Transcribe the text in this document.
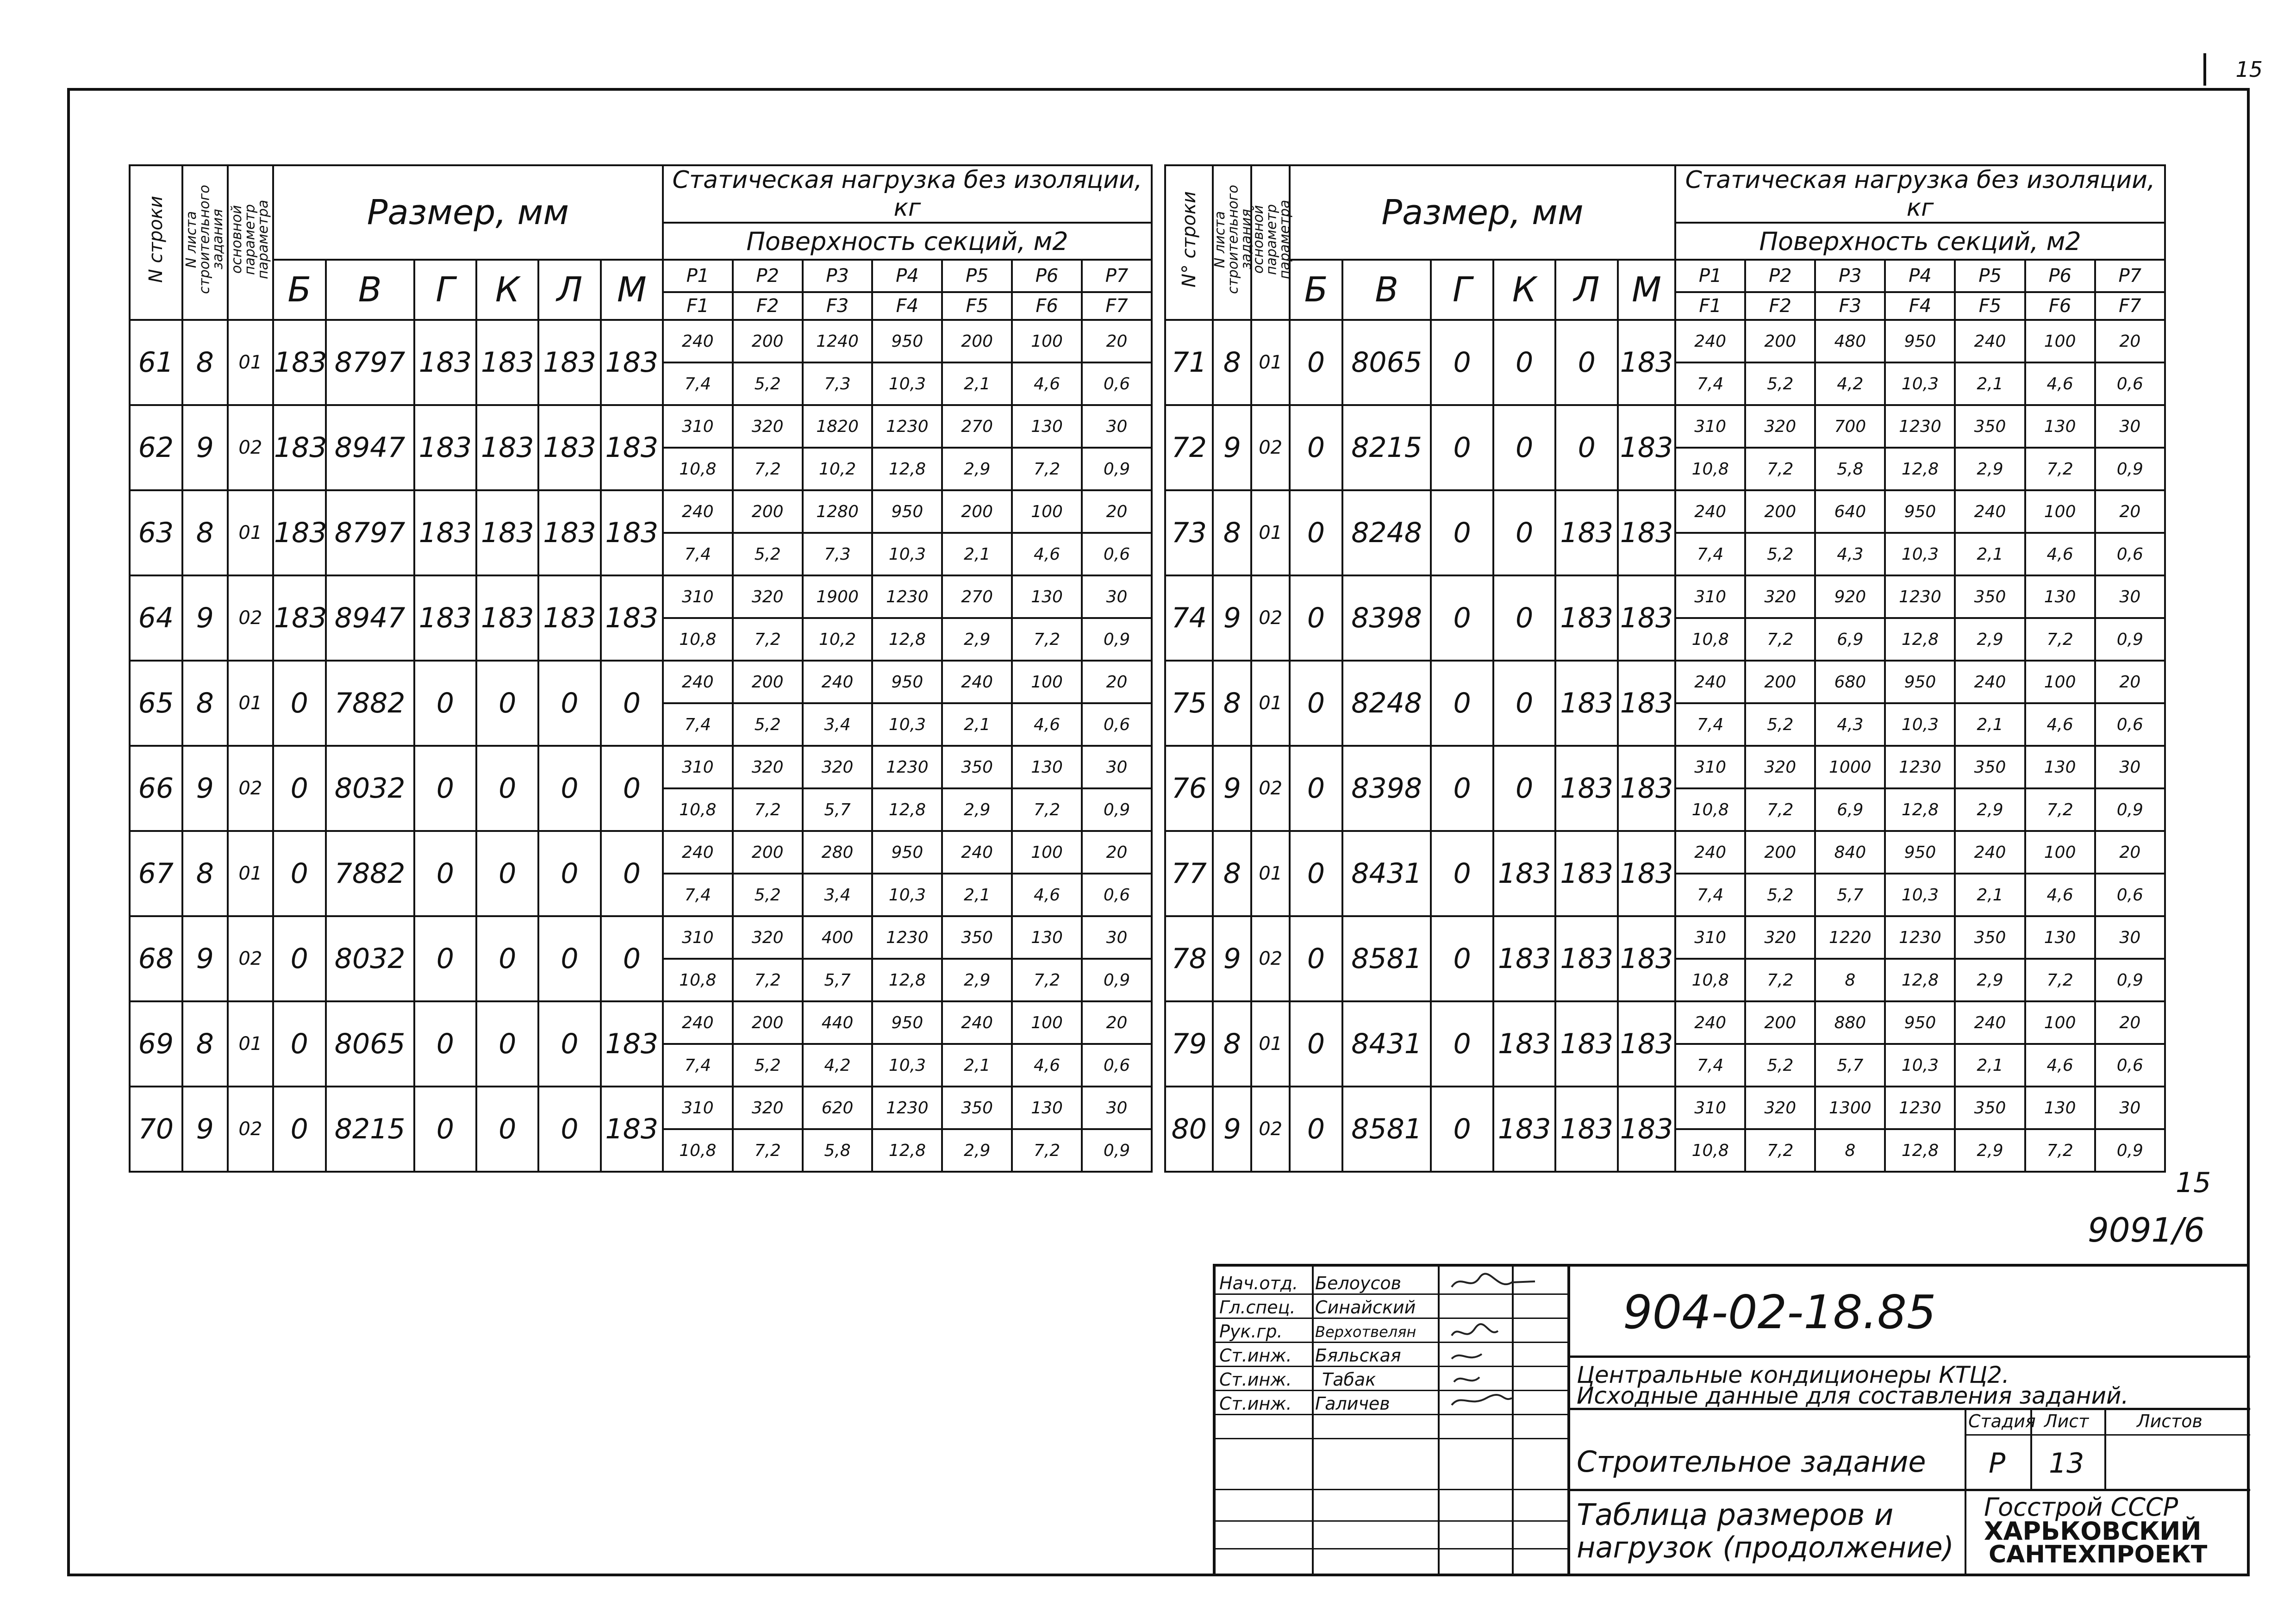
15
N строки	N листа строительного задания	основной параметр параметра	Размер, мм						Статическая нагрузка без изоляции, кг						
									Поверхность секций, м2						
			Б	В	Г	К	Л	М	P1	P2	P3	P4	P5	P6	P7
									F1	F2	F3	F4	F5	F6	F7
61	8	01	183	8797	183	183	183	183	240	200	1240	950	200	100	20
									7,4	5,2	7,3	10,3	2,1	4,6	0,6
62	9	02	183	8947	183	183	183	183	310	320	1820	1230	270	130	30
									10,8	7,2	10,2	12,8	2,9	7,2	0,9
63	8	01	183	8797	183	183	183	183	240	200	1280	950	200	100	20
									7,4	5,2	7,3	10,3	2,1	4,6	0,6
64	9	02	183	8947	183	183	183	183	310	320	1900	1230	270	130	30
									10,8	7,2	10,2	12,8	2,9	7,2	0,9
65	8	01	0	7882	0	0	0	0	240	200	240	950	240	100	20
									7,4	5,2	3,4	10,3	2,1	4,6	0,6
66	9	02	0	8032	0	0	0	0	310	320	320	1230	350	130	30
									10,8	7,2	5,7	12,8	2,9	7,2	0,9
67	8	01	0	7882	0	0	0	0	240	200	280	950	240	100	20
									7,4	5,2	3,4	10,3	2,1	4,6	0,6
68	9	02	0	8032	0	0	0	0	310	320	400	1230	350	130	30
									10,8	7,2	5,7	12,8	2,9	7,2	0,9
69	8	01	0	8065	0	0	0	183	240	200	440	950	240	100	20
									7,4	5,2	4,2	10,3	2,1	4,6	0,6
70	9	02	0	8215	0	0	0	183	310	320	620	1230	350	130	30
									10,8	7,2	5,8	12,8	2,9	7,2	0,9
N° строки	N листа строительного задания	основной параметр параметра	Размер, мм						Статическая нагрузка без изоляции, кг						
									Поверхность секций, м2						
			Б	В	Г	К	Л	М	P1	P2	P3	P4	P5	P6	P7
									F1	F2	F3	F4	F5	F6	F7
71	8	01	0	8065	0	0	0	183	240	200	480	950	240	100	20
									7,4	5,2	4,2	10,3	2,1	4,6	0,6
72	9	02	0	8215	0	0	0	183	310	320	700	1230	350	130	30
									10,8	7,2	5,8	12,8	2,9	7,2	0,9
73	8	01	0	8248	0	0	183	183	240	200	640	950	240	100	20
									7,4	5,2	4,3	10,3	2,1	4,6	0,6
74	9	02	0	8398	0	0	183	183	310	320	920	1230	350	130	30
									10,8	7,2	6,9	12,8	2,9	7,2	0,9
75	8	01	0	8248	0	0	183	183	240	200	680	950	240	100	20
									7,4	5,2	4,3	10,3	2,1	4,6	0,6
76	9	02	0	8398	0	0	183	183	310	320	1000	1230	350	130	30
									10,8	7,2	6,9	12,8	2,9	7,2	0,9
77	8	01	0	8431	0	183	183	183	240	200	840	950	240	100	20
									7,4	5,2	5,7	10,3	2,1	4,6	0,6
78	9	02	0	8581	0	183	183	183	310	320	1220	1230	350	130	30
									10,8	7,2	8	12,8	2,9	7,2	0,9
79	8	01	0	8431	0	183	183	183	240	200	880	950	240	100	20
									7,4	5,2	5,7	10,3	2,1	4,6	0,6
80	9	02	0	8581	0	183	183	183	310	320	1300	1230	350	130	30
									10,8	7,2	8	12,8	2,9	7,2	0,9
15
9091/6
Нач.отд. Белоусов
Гл.спец. Синайский
Рук.гр. Верхотвелян
Ст.инж. Бяльская
Ст.инж. Табак
Ст.инж. Галичев
904-02-18.85
Центральные кондиционеры КТЦ2.
Исходные данные для составления заданий.
Строительное задание
Стадия Лист	Листов
Р 13
Таблица размеров и
нагрузок (продолжение)
Госстрой СССР
ХАРЬКОВСКИЙ
САНТЕХПРОЕКТ
